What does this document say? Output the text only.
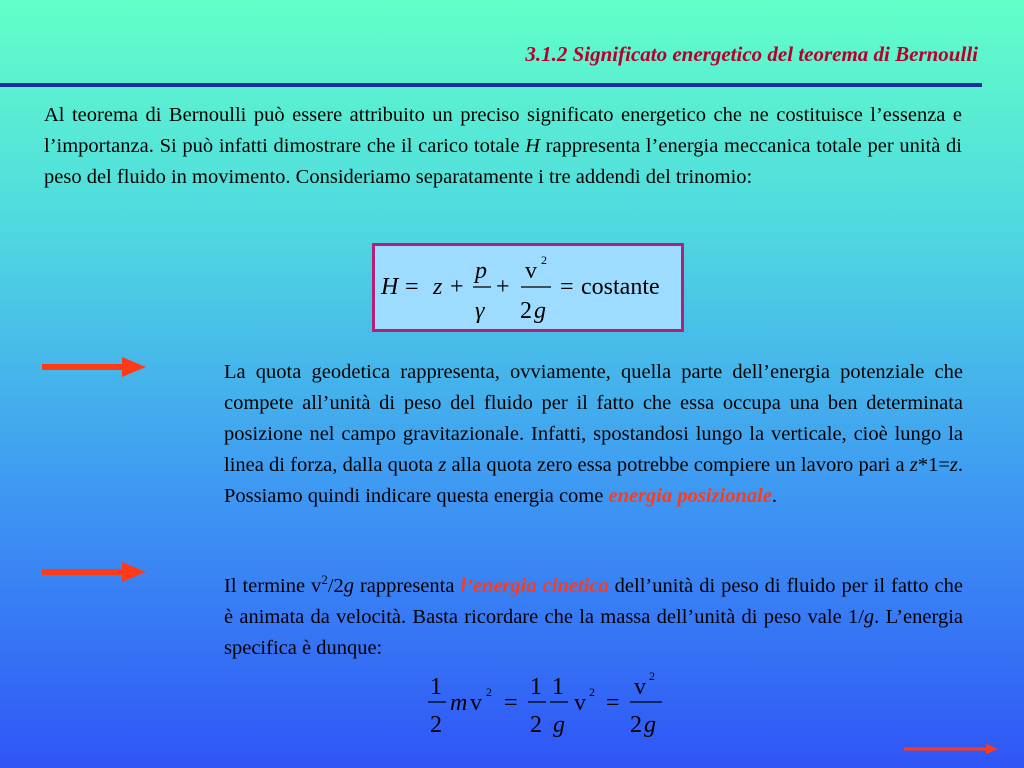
3.1.2 Significato energetico del teorema di Bernoulli

Al teorema di Bernoulli può essere attribuito un preciso significato energetico che ne costituisce l’essenza e l’importanza. Si può infatti dimostrare che il carico totale H rappresenta l’energia meccanica totale per unità di peso del fluido in movimento. Consideriamo separatamente i tre addendi del trinomio:

H = z +
p
γ
+
v 2
2 g
= costante

La quota geodetica rappresenta, ovviamente, quella parte dell’energia potenziale che compete all’unità di peso del fluido per il fatto che essa occupa una ben determinata posizione nel campo gravitazionale. Infatti, spostandosi lungo la verticale, cioè lungo la linea di forza, dalla quota z alla quota zero essa potrebbe compiere un lavoro pari a z*1=z. Possiamo quindi indicare questa energia come energia posizionale.

Il termine $v^2/2g$ rappresenta l’energia cinetica dell’unità di peso di fluido per il fatto che è animata da velocità. Basta ricordare che la massa dell’unità di peso vale 1/g. L’energia specifica è dunque:

1
2
m v 2 =
1
2
1
g
v 2 =
v 2
2 g
